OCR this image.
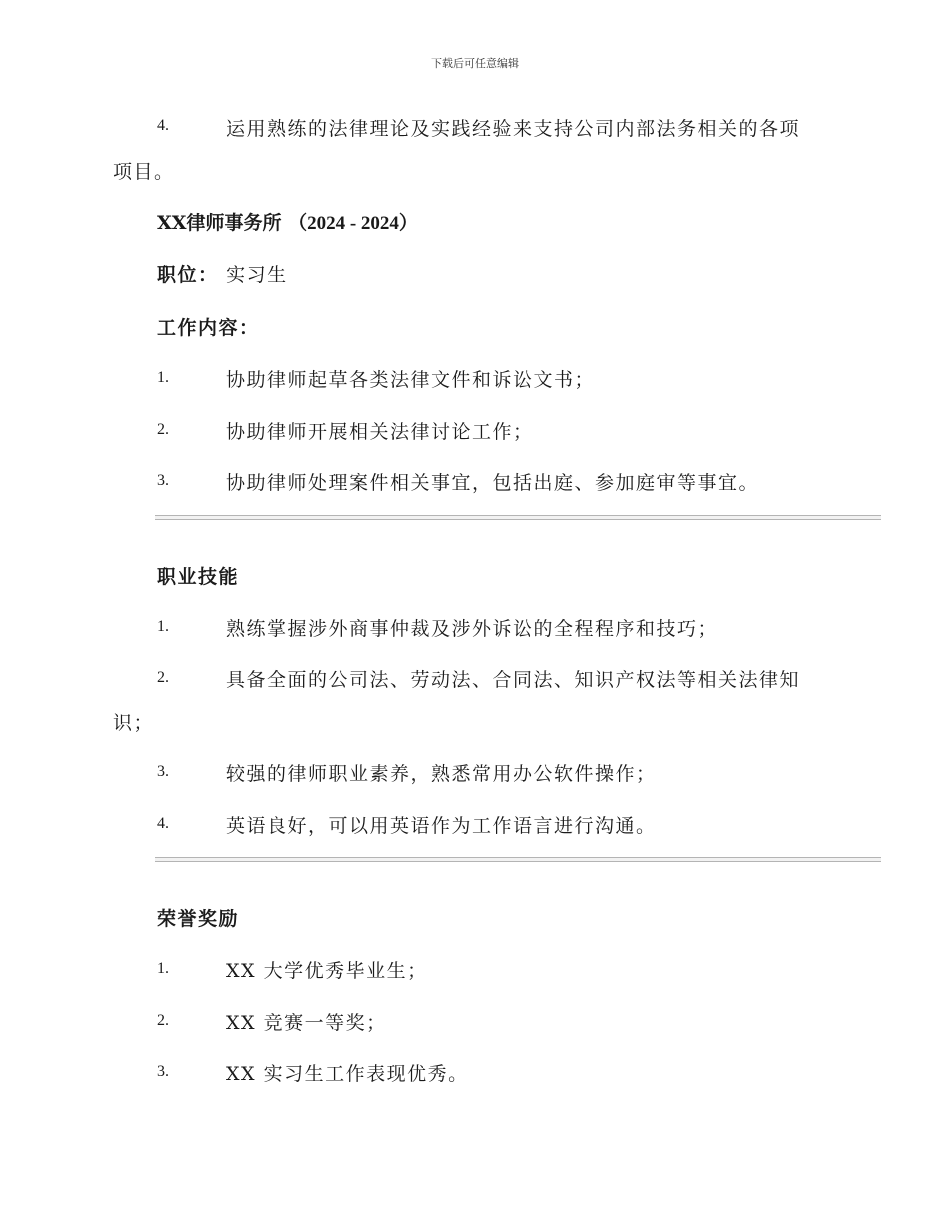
下载后可任意编辑
4.	运用熟练的法律理论及实践经验来支持公司内部法务相关的各项
项目。
XX律师事务所 （2024 - 2024）
职位： 实习生
工作内容：
1.	协助律师起草各类法律文件和诉讼文书；
2.	协助律师开展相关法律讨论工作；
3.	协助律师处理案件相关事宜，包括出庭、参加庭审等事宜。
职业技能
1.	熟练掌握涉外商事仲裁及涉外诉讼的全程程序和技巧；
2.	具备全面的公司法、劳动法、合同法、知识产权法等相关法律知
识；
3.	较强的律师职业素养，熟悉常用办公软件操作；
4.	英语良好，可以用英语作为工作语言进行沟通。
荣誉奖励
1.	XX 大学优秀毕业生；
2.	XX 竞赛一等奖；
3.	XX 实习生工作表现优秀。
